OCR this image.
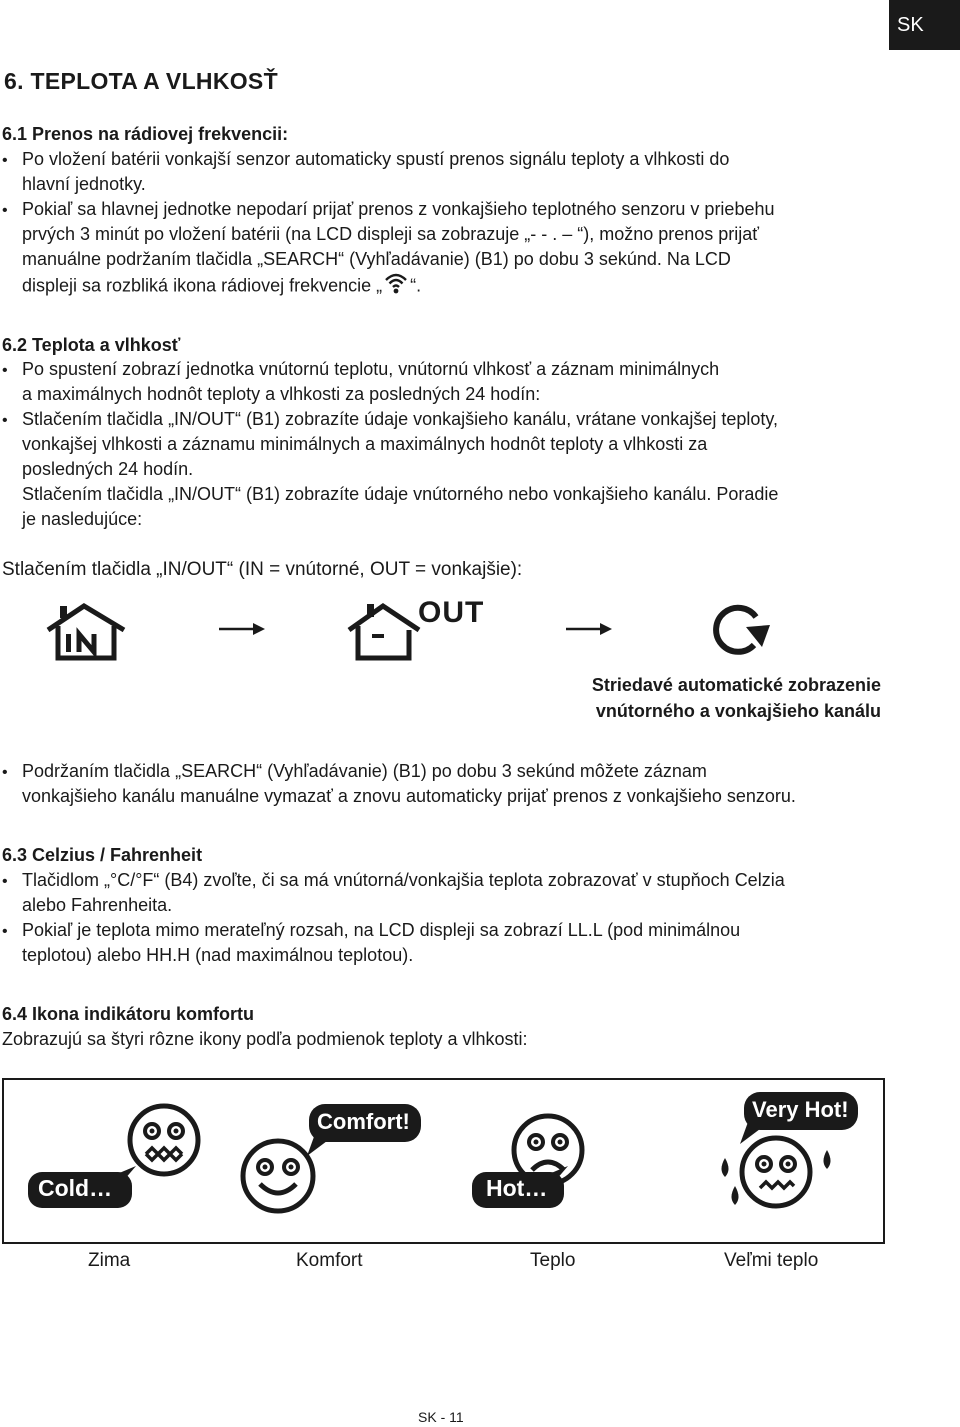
SK
6. TEPLOTA A VLHKOSŤ
6.1 Prenos na rádiovej frekvencii:
• Po vložení batérii vonkajší senzor automaticky spustí prenos signálu teploty a vlhkosti do
hlavní jednotky.
• Pokiaľ sa hlavnej jednotke nepodarí prijať prenos z vonkajšieho teplotného senzoru v priebehu
prvých 3 minút po vložení batérii (na LCD displeji sa zobrazuje „- - . – “), možno prenos prijať
manuálne podržaním tlačidla „SEARCH“ (Vyhľadávanie) (B1) po dobu 3 sekúnd. Na LCD
displeji sa rozbliká ikona rádiovej frekvencie „ “.
6.2 Teplota a vlhkosť
• Po spustení zobrazí jednotka vnútornú teplotu, vnútornú vlhkosť a záznam minimálnych
a maximálnych hodnôt teploty a vlhkosti za posledných 24 hodín:
• Stlačením tlačidla „IN/OUT“ (B1) zobrazíte údaje vonkajšieho kanálu, vrátane vonkajšej teploty,
vonkajšej vlhkosti a záznamu minimálnych a maximálnych hodnôt teploty a vlhkosti za
posledných 24 hodín.
Stlačením tlačidla „IN/OUT“ (B1) zobrazíte údaje vnútorného nebo vonkajšieho kanálu. Poradie
je nasledujúce:
Stlačením tlačidla „IN/OUT“ (IN = vnútorné, OUT = vonkajšie):
OUT
Striedavé automatické zobrazenie
vnútorného a vonkajšieho kanálu
• Podržaním tlačidla „SEARCH“ (Vyhľadávanie) (B1) po dobu 3 sekúnd môžete záznam
vonkajšieho kanálu manuálne vymazať a znovu automaticky prijať prenos z vonkajšieho senzoru.
6.3 Celzius / Fahrenheit
• Tlačidlom „°C/°F“ (B4) zvoľte, či sa má vnútorná/vonkajšia teplota zobrazovať v stupňoch Celzia
alebo Fahrenheita.
• Pokiaľ je teplota mimo merateľný rozsah, na LCD displeji sa zobrazí LL.L (pod minimálnou
teplotou) alebo HH.H (nad maximálnou teplotou).
6.4 Ikona indikátoru komfortu
Zobrazujú sa štyri rôzne ikony podľa podmienok teploty a vlhkosti:
Cold…
Comfort!
Hot…
Very Hot!
Zima	Komfort	Teplo	Veľmi teplo
SK - 11
